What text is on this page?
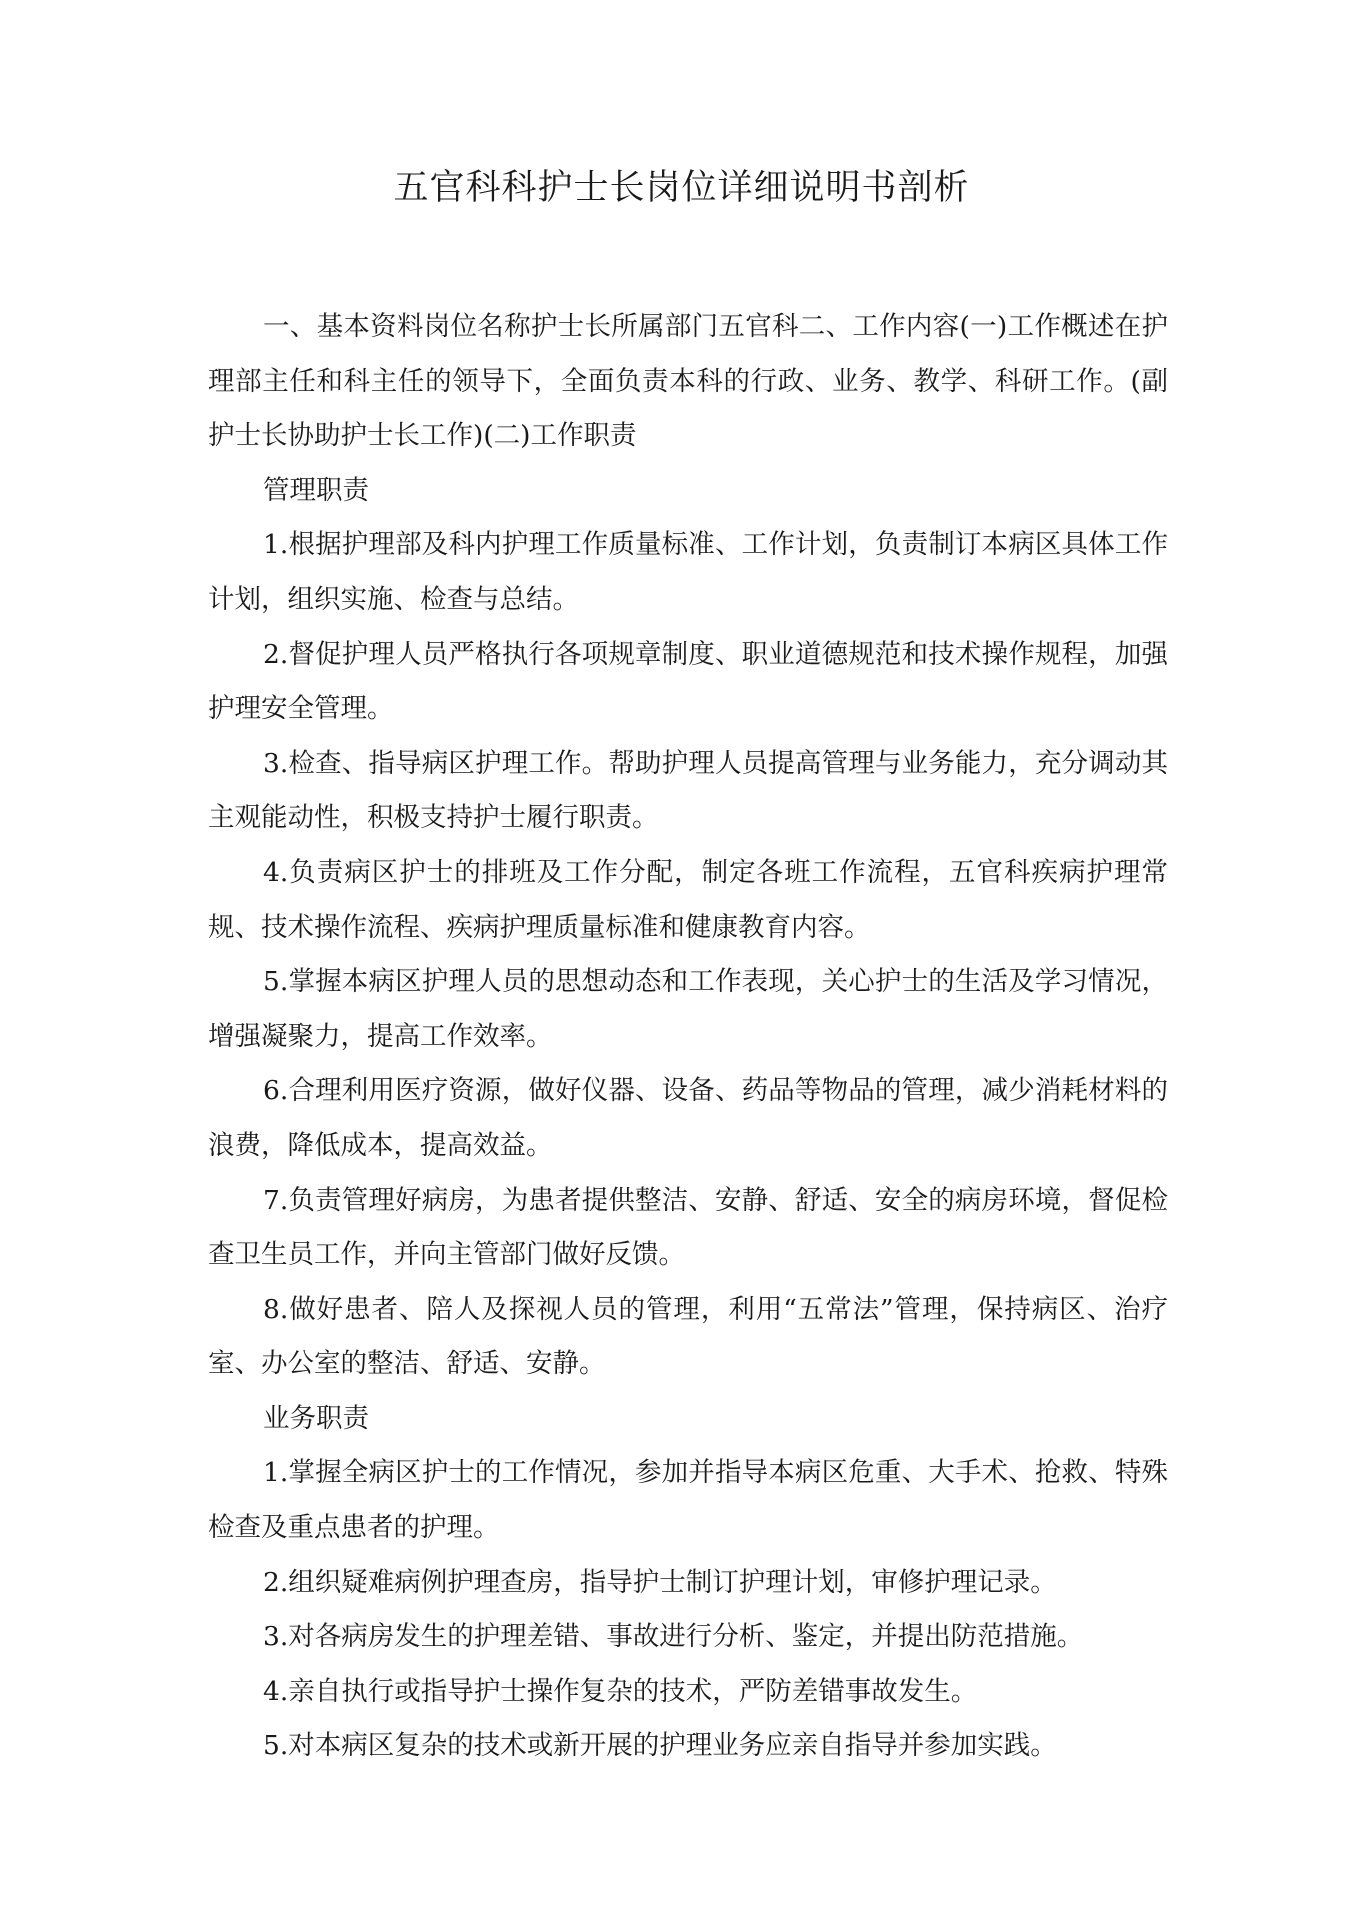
五官科科护士长岗位详细说明书剖析

一、基本资料岗位名称护士长所属部门五官科二、工作内容(一)工作概述在护理部主任和科主任的领导下，全面负责本科的行政、业务、教学、科研工作。(副护士长协助护士长工作)(二)工作职责

管理职责

1.根据护理部及科内护理工作质量标准、工作计划，负责制订本病区具体工作计划，组织实施、检查与总结。

2.督促护理人员严格执行各项规章制度、职业道德规范和技术操作规程，加强护理安全管理。

3.检查、指导病区护理工作。帮助护理人员提高管理与业务能力，充分调动其主观能动性，积极支持护士履行职责。

4.负责病区护士的排班及工作分配，制定各班工作流程，五官科疾病护理常规、技术操作流程、疾病护理质量标准和健康教育内容。

5.掌握本病区护理人员的思想动态和工作表现，关心护士的生活及学习情况，增强凝聚力，提高工作效率。

6.合理利用医疗资源，做好仪器、设备、药品等物品的管理，减少消耗材料的浪费，降低成本，提高效益。

7.负责管理好病房，为患者提供整洁、安静、舒适、安全的病房环境，督促检查卫生员工作，并向主管部门做好反馈。

8.做好患者、陪人及探视人员的管理，利用“五常法”管理，保持病区、治疗室、办公室的整洁、舒适、安静。

业务职责

1.掌握全病区护士的工作情况，参加并指导本病区危重、大手术、抢救、特殊检查及重点患者的护理。

2.组织疑难病例护理查房，指导护士制订护理计划，审修护理记录。

3.对各病房发生的护理差错、事故进行分析、鉴定，并提出防范措施。

4.亲自执行或指导护士操作复杂的技术，严防差错事故发生。

5.对本病区复杂的技术或新开展的护理业务应亲自指导并参加实践。
